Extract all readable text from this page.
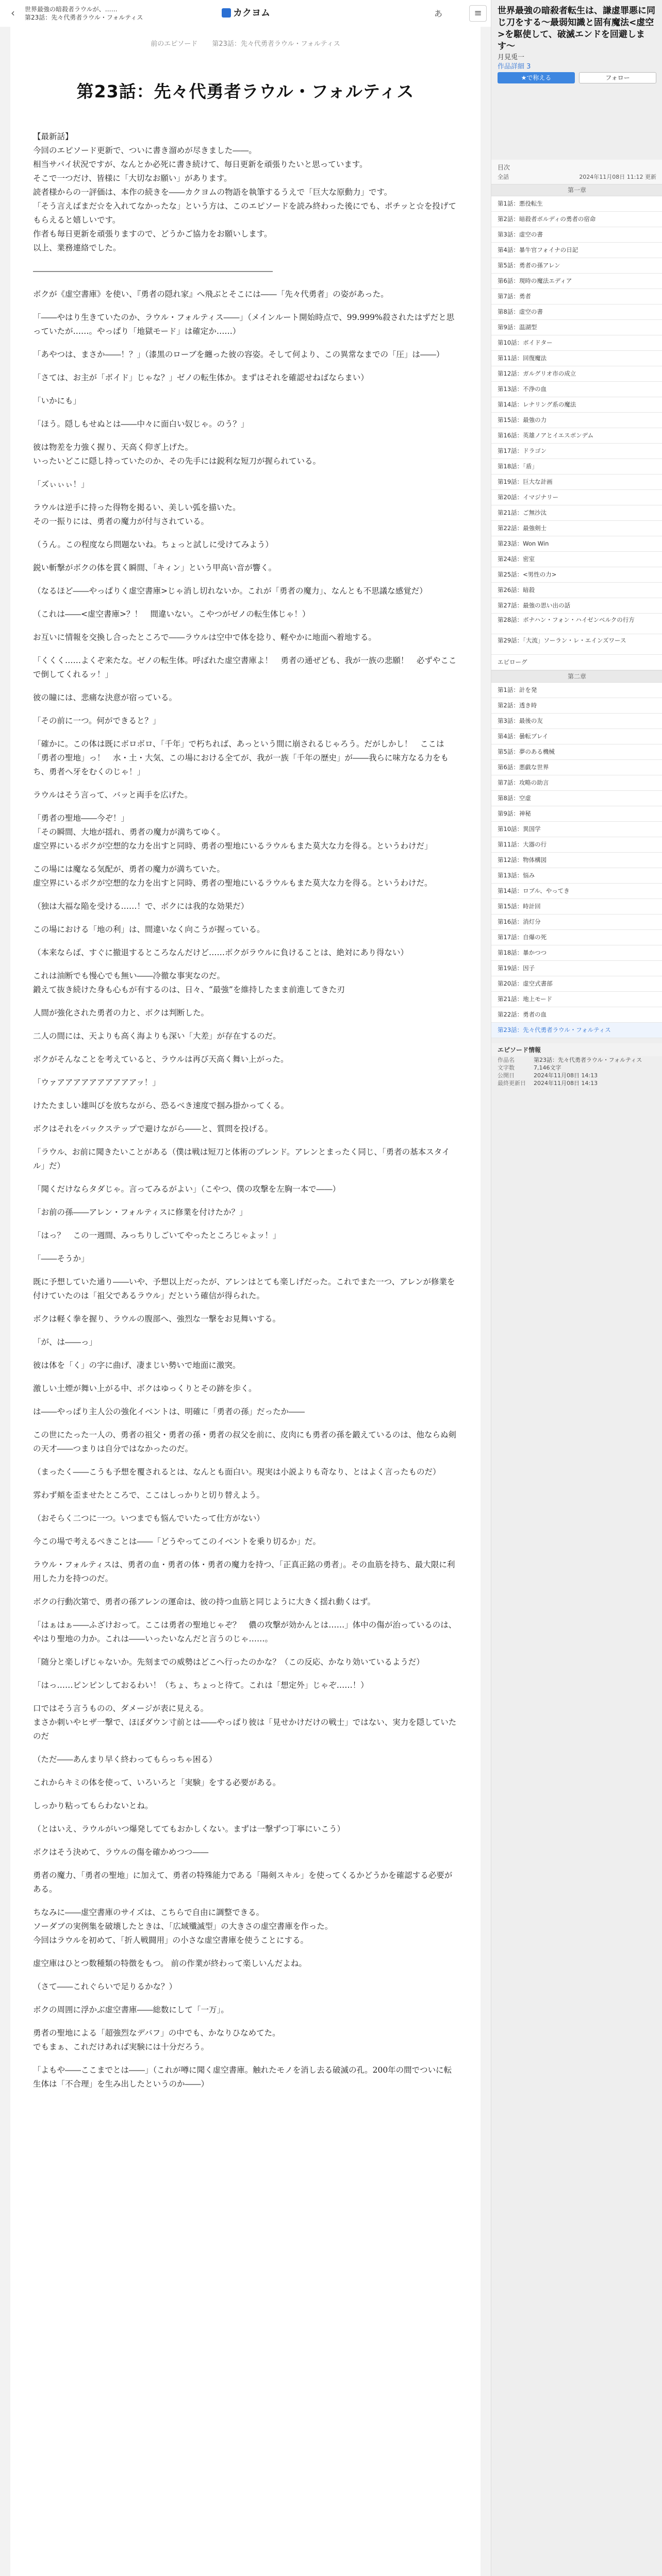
‹	世界最強の暗殺者ラウルが、……
第23話：先々代勇者ラウル・フォルティス	カクヨム	あ	≡
前のエピソード 第23話：先々代勇者ラウル・フォルティス
第23話：先々代勇者ラウル・フォルティス

【最新話】
今回のエピソード更新で、ついに書き溜めが尽きました――。
相当サバイ状況ですが、なんとか必死に書き続けて、毎日更新を頑張りたいと思っています。
そこで一つだけ、皆様に「大切なお願い」があります。
読者様からの一評価は、本作の続きを――カクヨムの物語を執筆するうえで「巨大な原動力」です。
「そう言えばまだ☆を入れてなかったな」という方は、このエピソードを読み終わった後にでも、ポチッと☆を投げてもらえると嬉しいです。
作者も毎日更新を頑張りますので、どうかご協力をお願いします。
以上、業務連絡でした。

――――――――――――――――――――――――――――――

ボクが《虚空書庫》を使い、『勇者の隠れ家』へ飛ぶとそこには――「先々代勇者」の姿があった。

「――やはり生きていたのか、ラウル・フォルティス――」（メインルート開始時点で、99.999%殺されたはずだと思っていたが……。やっぱり「地獄モード」は確定か……）

「あやつは、まさか――！？」（漆黒のローブを纏った彼の容姿。そして何より、この異常なまでの「圧」は――）

「さては、お主が「ボイド」じゃな？」ゼノの転生体か。まずはそれを確認せねばならまい）

「いかにも」

「ほう。隠しもせぬとは――中々に面白い奴じゃ。のう？」

彼は物差を力強く握り、天高く仰ぎ上げた。
いったいどこに隠し持っていたのか、その先手には鋭利な短刀が握られている。

「ズぃぃぃ！」

ラウルは逆手に持った得物を掲るい、美しい弧を描いた。
その一振りには、勇者の魔力が付与されている。

（うん。この程度なら問題ないね。ちょっと試しに受けてみよう）

鋭い斬撃がボクの体を貫く瞬間、「キィン」という甲高い音が響く。

（なるほど――やっぱりく虚空書庫>じゃ消し切れないか。これが「勇者の魔力」、なんとも不思議な感覚だ）

（これは――<虚空書庫>？！　間違いない。こやつがゼノの転生体じゃ！）

お互いに情報を交換し合ったところで――ラウルは空中で体を捻り、軽やかに地面へ着地する。

「くくく……よくぞ来たな。ゼノの転生体。呼ばれた虚空書庫よ！　勇者の通ぜども、我が一族の悲願！　必ずやここで倒してくれるッ！」

彼の瞳には、悲痛な決意が宿っている。

「その前に一つ。何ができると？」

「確かに。この体は既にボロボロ、「千年」で朽ちれば、あっという間に崩されるじゃろう。だがしかし！　ここは「勇者の聖地」っ！　水・土・大気、この場における全てが、我が一族「千年の歴史」が――我らに味方なる力をもち、勇者へ牙をむくのじゃ！」

ラウルはそう言って、バッと両手を広げた。

「勇者の聖地――今ぞ！」
「その瞬間、大地が揺れ、勇者の魔力が満ちてゆく。
虚空界にいるボクが空想的な力を出すと同時、勇者の聖地にいるラウルもまた莫大な力を得る。というわけだ」

この場には魔なる気配が、勇者の魔力が満ちていた。
虚空界にいるボクが空想的な力を出すと同時、勇者の聖地にいるラウルもまた莫大な力を得る。というわけだ。

（独は大福な陥を受ける……！で、ボクには我的な効果だ）

この場における「地の利」は、間違いなく向こうが握っている。

（本来ならば、すぐに撤退するところなんだけど……ボクがラウルに負けることは、絶対にあり得ない）

これは油断でも慢心でも無い――冷徹な事実なのだ。
鍛えて抜き続けた身も心もが有するのは、日々、“最強”を維持したまま前進してきた刃

人間が強化された勇者の力と、ボクは判断した。

二人の間には、天よりも高く海よりも深い「大差」が存在するのだ。

ボクがそんなことを考えていると、ラウルは再び天高く舞い上がった。

「ウァアアアアアアアアアアッ！」

けたたましい雄叫びを放ちながら、恐るべき速度で掴み掛かってくる。

ボクはそれをバックステップで避けながら――と、質問を投げる。

「ラウル、お前に聞きたいことがある（僕は戦は短刀と体術のブレンド。アレンとまったく同じ、「勇者の基本スタイル」だ）

「聞くだけならタダじゃ。言ってみるがよい」（こやつ、僕の攻撃を左胸一本で――）

「お前の孫――アレン・フォルティスに修業を付けたか？」

「はっ？　この一週間、みっちりしごいてやったところじゃよッ！」

「――そうか」

既に予想していた通り――いや、予想以上だったが、アレンはとても楽しげだった。これでまた一つ、アレンが修業を付けていたのは「祖父であるラウル」だという確信が得られた。

ボクは軽く拳を握り、ラウルの腹部へ、強烈な一撃をお見舞いする。

「が、は――っ」

彼は体を「く」の字に曲げ、凄まじい勢いで地面に激突。

激しい土煙が舞い上がる中、ボクはゆっくりとその跡を歩く。

は――やっぱり主人公の強化イベントは、明確に「勇者の孫」だったか――

この世にたった一人の、勇者の祖父・勇者の孫・勇者の叔父を前に、皮肉にも勇者の孫を鍛えているのは、他ならぬ剣の天才――つまりは自分ではなかったのだ。

（まったく――こうも予想を覆されるとは、なんとも面白い。現実は小説よりも奇なり、とはよく言ったものだ）

雰わず頬を歪ませたところで、ここはしっかりと切り替えよう。

（おそらく二つに一つ。いつまでも悩んでいたって仕方がない）

今この場で考えるべきことは――「どうやってこのイベントを乗り切るか」だ。

ラウル・フォルティスは、勇者の血・勇者の体・勇者の魔力を持つ、「正真正銘の勇者」。その血筋を持ち、最大限に利用した力を持つのだ。

ボクの行動次第で、勇者の孫アレンの運命は、彼の持つ血筋と同じように大きく揺れ動くはず。

「はぁはぁ――ふざけおって。ここは勇者の聖地じゃぞ？　儂の攻撃が効かんとは……」体中の傷が治っているのは、やはり聖地の力か。これは――いったいなんだと言うのじゃ……。

「随分と楽しげじゃないか。先刻までの威勢はどこへ行ったのかな？（この反応、かなり効いているようだ）

「はっ……ピンピンしておるわい！（ちょ、ちょっと待て。これは「想定外」じゃぞ……！）

口ではそう言うものの、ダメージが表に見える。
まさか刺いやヒザ一撃で、ほぼダウン寸前とは――やっぱり彼は「見せかけだけの戦士」ではない、実力を隠していたのだ

（ただ――あんまり早く終わってもらっちゃ困る）

これからキミの体を使って、いろいろと「実験」をする必要がある。

しっかり粘ってもらわないとね。

（とはいえ、ラウルがいつ爆発しててもおかしくない。まずは一撃ずつ丁寧にいこう）

ボクはそう決めて、ラウルの傷を確かめつつ――

勇者の魔力、「勇者の聖地」に加えて、勇者の特殊能力である「陽剣スキル」を使ってくるかどうかを確認する必要がある。

ちなみに――虚空書庫のサイズは、こちらで自由に調整できる。
ソーダブの実例集を破壊したときは、「広域殲滅型」の大きさの虚空書庫を作った。
今回はラウルを初めて、「折人戦闘用」の小さな虚空書庫を使うことにする。

虚空庫はひとつ数種類の特徴をもつ。 前の作業が終わって楽しいんだよね。

（さて――これぐらいで足りるかな？）

ボクの周囲に浮かぶ虚空書庫――総数にして「一万」。

勇者の聖地による「超強烈なデバフ」の中でも、かなりひなめてた。
でもまぁ、これだけあれば実験には十分だろう。

「よもや――ここまでとは――」（これが噂に聞く虚空書庫。触れたモノを消し去る破滅の孔。200年の間でついに転生体は「不合理」を生み出したというのか――）

世界最強の暗殺者転生は、謙虚罪悪に同じ刀をする〜最弱知識と固有魔法<虚空>を駆使して、破滅エンドを回避します〜
月見兎一
作品詳細 3
★で称える	フォロー
目次
全話	2024年11月08日 11:12 更新
第一章
第1話：悪役転生
第2話：暗殺者ボルディの勇者の宿命
第3話：虚空の書
第4話：暴牛官フォイナの日記
第5話：勇者の孫アレン
第6話：現時の魔法エディア
第7話：勇者
第8話：虚空の書
第9話：温湖型
第10話：ボイドター
第11話：回復魔法
第12話：ガルグリオ市の成立
第13話：不浄の血
第14話：レナリング系の魔法
第15話：最強の力
第16話：英雄ノアとイエスボンデム
第17話：ドラゴン
第18話：「盾」
第19話：巨大な計画
第20話：イマジナリー
第21話：ご無沙汰
第22話：最強剣士
第23話：Won Win
第24話：密室
第25話：<男性の力>
第26話：暗殺
第27話：最強の思い出の話
第28話：ボナハン・フォン・ハイゼンベルクの行方
第29話：「大流」ソーラン・レ・エインズワース
エピローグ
第二章
第1話：計を発
第2話：透き時
第3話：最後の友
第4話：曇転ブレイ
第5話：夢のある機械
第6話：悪戯な世界
第7話：攻略の助言
第8話：空虚
第9話：神秘
第10話：異国学
第11話：大器の行
第12話：物体構図
第13話：悩み
第14話：ロブル、やってき
第15話：時計回
第16話：消灯分
第17話：自爆の死
第18話：暴かつつ
第19話：因子
第20話：虚空式書部
第21話：地上モード
第22話：勇者の血
第23話：先々代勇者ラウル・フォルティス
エピソード情報
作品名	第23話：先々代勇者ラウル・フォルティス
文字数	7,146文字
公開日	2024年11月08日 14:13
最終更新日	2024年11月08日 14:13
